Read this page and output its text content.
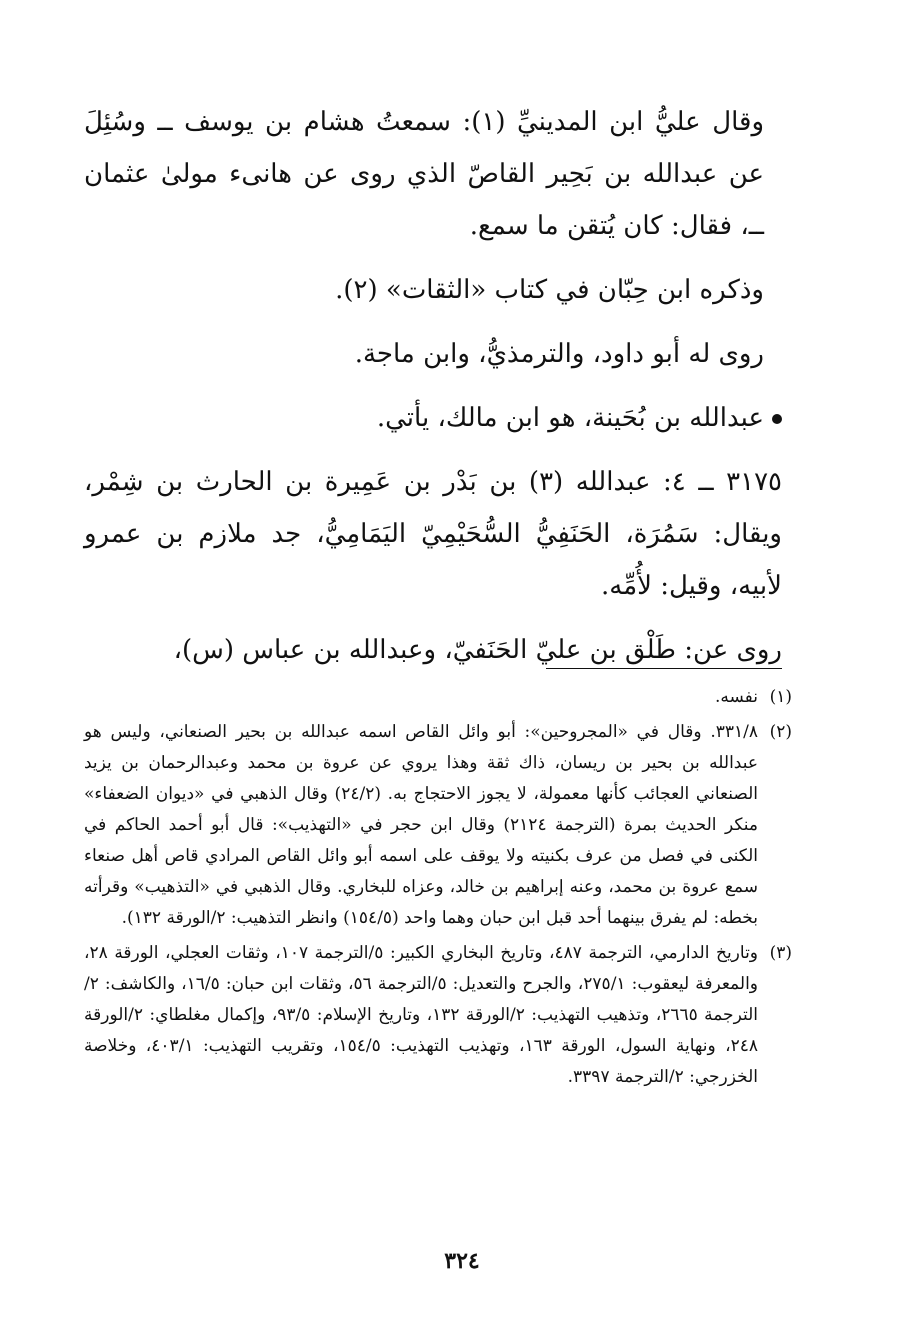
وقال عليُّ ابن المدينيِّ (١): سمعتُ هشام بن يوسف ــ وسُئِلَ عن عبدالله بن بَحِير القاصّ الذي روى عن هانىء مولىٰ عثمان ــ، فقال: كان يُتقن ما سمع.

وذكره ابن حِبّان في كتاب «الثقات» (٢).

روى له أبو داود، والترمذيُّ، وابن ماجة.

عبدالله بن بُحَينة، هو ابن مالك، يأتي.

٣١٧٥ ــ ٤: عبدالله (٣) بن بَدْر بن عَمِيرة بن الحارث بن شِمْر، ويقال: سَمُرَة، الحَنَفِيُّ السُّحَيْمِيّ اليَمَامِيُّ، جد ملازم بن عمرو لأبيه، وقيل: لأُمِّه.

روى عن: طَلْق بن عليّ الحَنَفيّ، وعبدالله بن عباس (س)،

(١)
نفسه.
(٢)
٣٣١/٨. وقال في «المجروحين»: أبو وائل القاص اسمه عبدالله بن بحير الصنعاني، وليس هو عبدالله بن بحير بن ريسان، ذاك ثقة وهذا يروي عن عروة بن محمد وعبدالرحمان بن يزيد الصنعاني العجائب كأنها معمولة، لا يجوز الاحتجاج به. (٢٤/٢) وقال الذهبي في «ديوان الضعفاء» منكر الحديث بمرة (الترجمة ٢١٢٤) وقال ابن حجر في «التهذيب»: قال أبو أحمد الحاكم في الكنى في فصل من عرف بكنيته ولا يوقف على اسمه أبو وائل القاص المرادي قاص أهل صنعاء سمع عروة بن محمد، وعنه إبراهيم بن خالد، وعزاه للبخاري. وقال الذهبي في «التذهيب» وقرأته بخطه: لم يفرق بينهما أحد قبل ابن حبان وهما واحد (١٥٤/٥) وانظر التذهيب: ٢/الورقة ١٣٢).
(٣)
وتاريخ الدارمي، الترجمة ٤٨٧، وتاريخ البخاري الكبير: ٥/الترجمة ١٠٧، وثقات العجلي، الورقة ٢٨، والمعرفة ليعقوب: ٢٧٥/١، والجرح والتعديل: ٥/الترجمة ٥٦، وثقات ابن حبان: ١٦/٥، والكاشف: ٢/الترجمة ٢٦٦٥، وتذهيب التهذيب: ٢/الورقة ١٣٢، وتاريخ الإسلام: ٩٣/٥، وإكمال مغلطاي: ٢/الورقة ٢٤٨، ونهاية السول، الورقة ١٦٣، وتهذيب التهذيب: ١٥٤/٥، وتقريب التهذيب: ٤٠٣/١، وخلاصة الخزرجي: ٢/الترجمة ٣٣٩٧.
٣٢٤
